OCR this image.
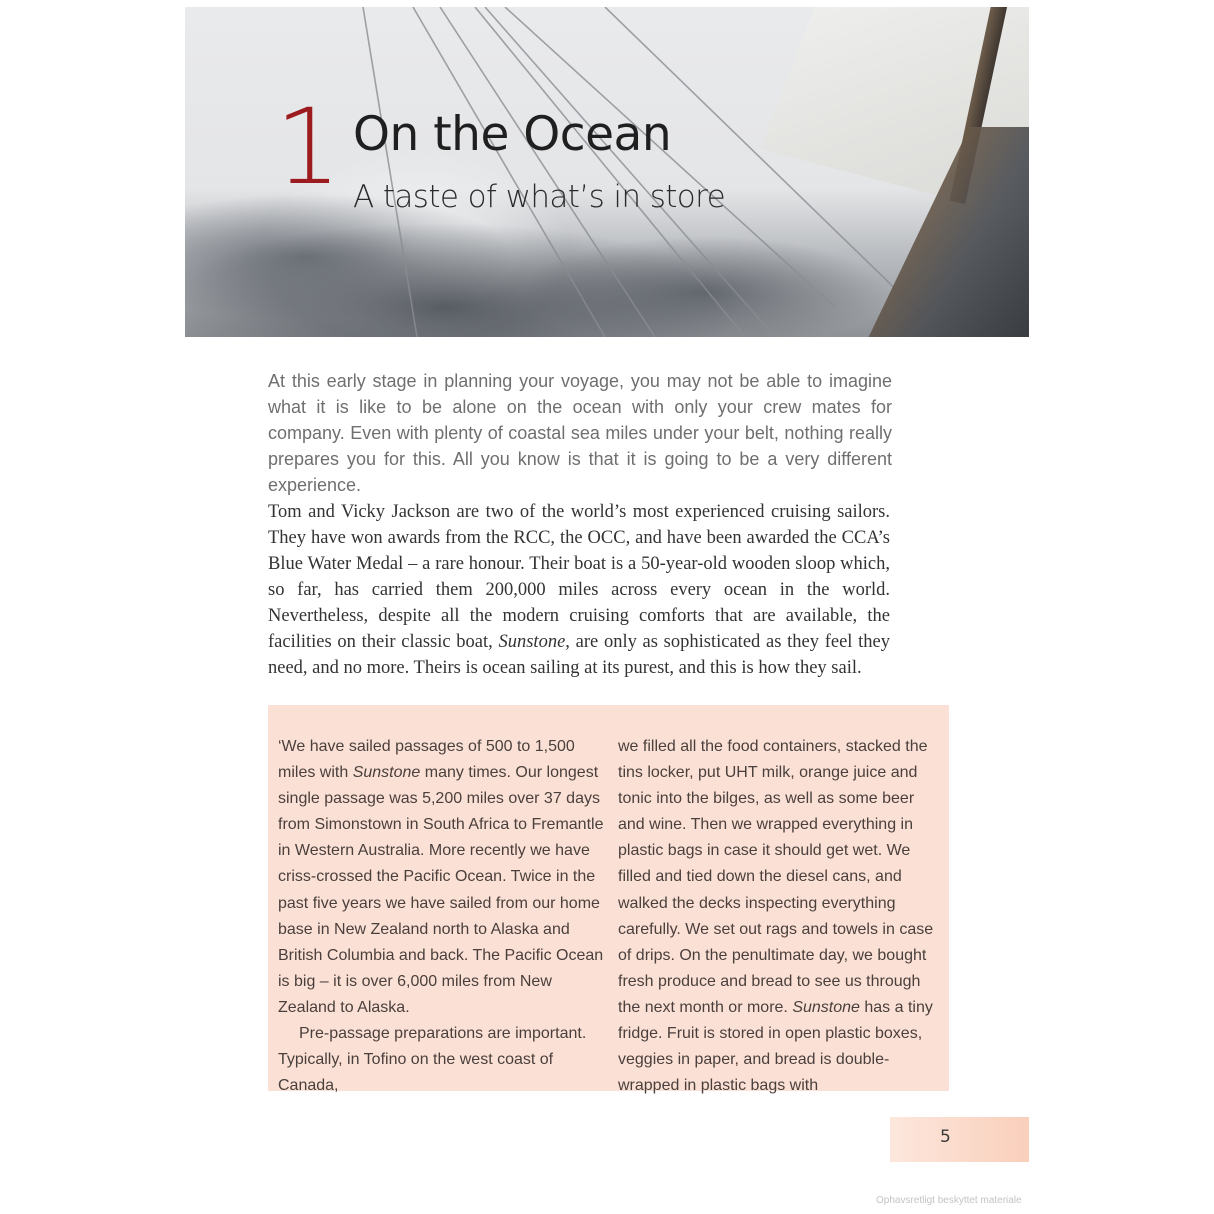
1 On the Ocean
A taste of what’s in store

At this early stage in planning your voyage, you may not be able to imagine what it is like to be alone on the ocean with only your crew mates for company. Even with plenty of coastal sea miles under your belt, nothing really prepares you for this. All you know is that it is going to be a very different experience.

Tom and Vicky Jackson are two of the world’s most experienced cruising sailors. They have won awards from the RCC, the OCC, and have been awarded the CCA’s Blue Water Medal – a rare honour. Their boat is a 50-year-old wooden sloop which, so far, has carried them 200,000 miles across every ocean in the world. Nevertheless, despite all the modern cruising comforts that are available, the facilities on their classic boat, Sunstone, are only as sophisticated as they feel they need, and no more. Theirs is ocean sailing at its purest, and this is how they sail.

‘We have sailed passages of 500 to 1,500 miles with Sunstone many times. Our longest single passage was 5,200 miles over 37 days from Simonstown in South Africa to Fremantle in Western Australia. More recently we have criss-crossed the Pacific Ocean. Twice in the past five years we have sailed from our home base in New Zealand north to Alaska and British Columbia and back. The Pacific Ocean is big – it is over 6,000 miles from New Zealand to Alaska.
Pre-passage preparations are important. Typically, in Tofino on the west coast of Canada,

we filled all the food containers, stacked the tins locker, put UHT milk, orange juice and tonic into the bilges, as well as some beer and wine. Then we wrapped everything in plastic bags in case it should get wet. We filled and tied down the diesel cans, and walked the decks inspecting everything carefully. We set out rags and towels in case of drips. On the penultimate day, we bought fresh produce and bread to see us through the next month or more. Sunstone has a tiny fridge. Fruit is stored in open plastic boxes, veggies in paper, and bread is double-wrapped in plastic bags with

5
Ophavsretligt beskyttet materiale
